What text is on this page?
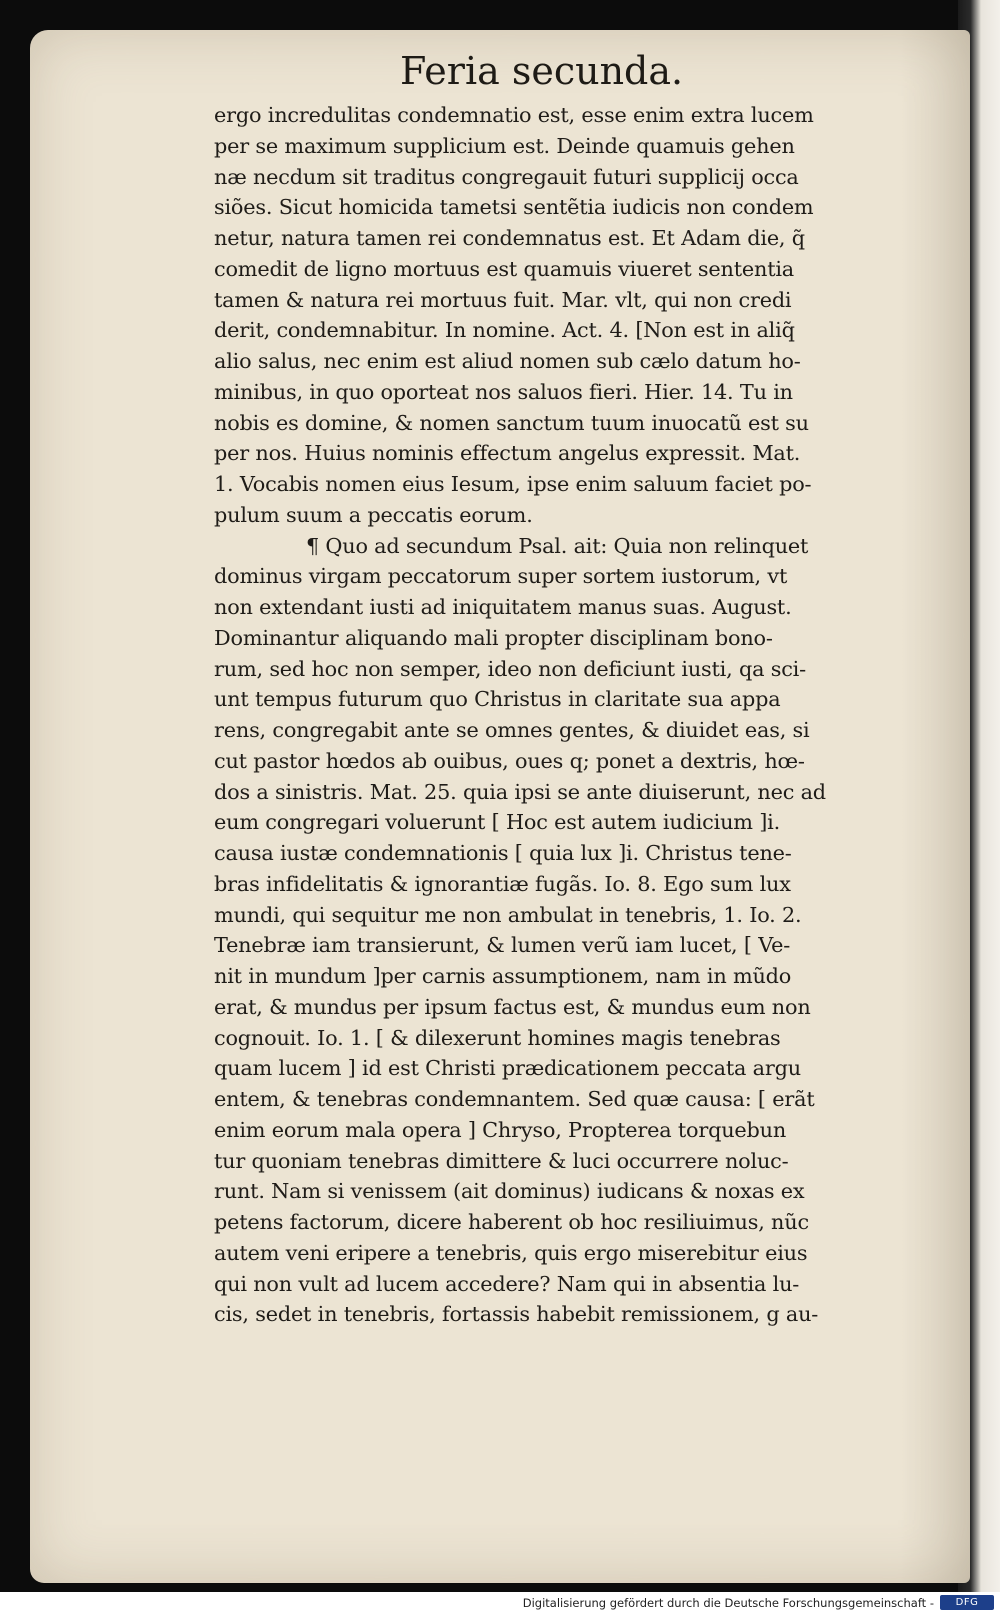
Feria secunda.
ergo incredulitas condemnatio est, esse enim extra lucem
per se maximum supplicium est. Deinde quamuis gehen
næ necdum sit traditus congregauit futuri supplicij occa
siões. Sicut homicida tametsi sentẽtia iudicis non condem
netur, natura tamen rei condemnatus est. Et Adam die, q̃
comedit de ligno mortuus est quamuis viueret sententia
tamen & natura rei mortuus fuit. Mar. vlt, qui non credi
derit, condemnabitur. In nomine. Act. 4. [Non est in aliq̃
alio salus, nec enim est aliud nomen sub cælo datum ho-
minibus, in quo oporteat nos saluos fieri. Hier. 14. Tu in
nobis es domine, & nomen sanctum tuum inuocatũ est su
per nos. Huius nominis effectum angelus expressit. Mat.
1. Vocabis nomen eius Iesum, ipse enim saluum faciet po-
pulum suum a peccatis eorum.
¶ Quo ad secundum Psal. ait: Quia non relinquet
dominus virgam peccatorum super sortem iustorum, vt
non extendant iusti ad iniquitatem manus suas. August.
Dominantur aliquando mali propter disciplinam bono-
rum, sed hoc non semper, ideo non deficiunt iusti, qa sci-
unt tempus futurum quo Christus in claritate sua appa
rens, congregabit ante se omnes gentes, & diuidet eas, si
cut pastor hœdos ab ouibus, oues q; ponet a dextris, hœ-
dos a sinistris. Mat. 25. quia ipsi se ante diuiserunt, nec ad
eum congregari voluerunt [ Hoc est autem iudicium ]i.
causa iustæ condemnationis [ quia lux ]i. Christus tene-
bras infidelitatis & ignorantiæ fugãs. Io. 8. Ego sum lux
mundi, qui sequitur me non ambulat in tenebris, 1. Io. 2.
Tenebræ iam transierunt, & lumen verũ iam lucet, [ Ve-
nit in mundum ]per carnis assumptionem, nam in mũdo
erat, & mundus per ipsum factus est, & mundus eum non
cognouit. Io. 1. [ & dilexerunt homines magis tenebras
quam lucem ] id est Christi prædicationem peccata argu
entem, & tenebras condemnantem. Sed quæ causa: [ erãt
enim eorum mala opera ] Chryso, Propterea torquebun
tur quoniam tenebras dimittere & luci occurrere noluc-
runt. Nam si venissem (ait dominus) iudicans & noxas ex
petens factorum, dicere haberent ob hoc resiliuimus, nũc
autem veni eripere a tenebris, quis ergo miserebitur eius
qui non vult ad lucem accedere? Nam qui in absentia lu-
cis, sedet in tenebris, fortassis habebit remissionem, g au-
Digitalisierung gefördert durch die Deutsche Forschungsgemeinschaft -	DFG
